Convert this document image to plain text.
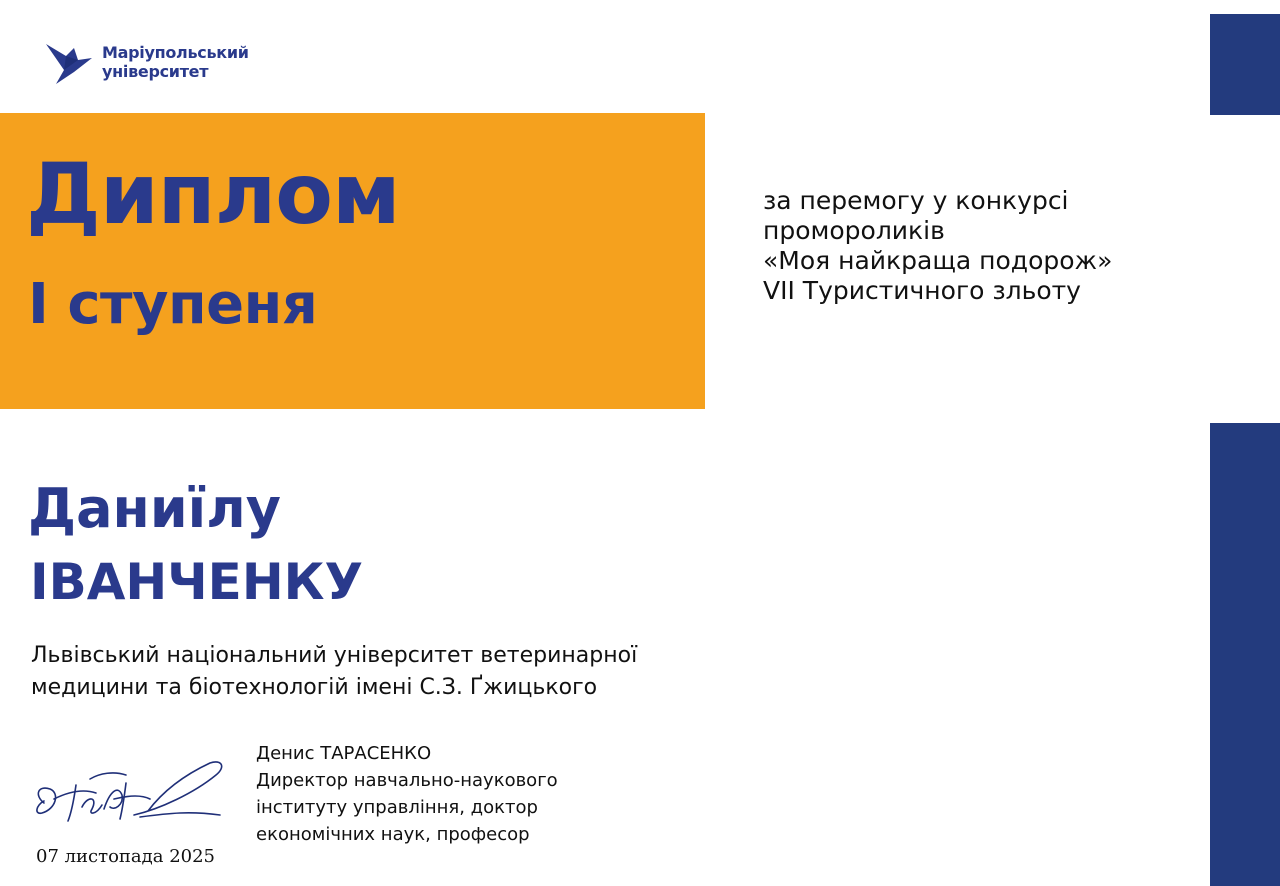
Маріупольський
університет
Диплом
І ступеня
за перемогу у конкурсі
промороликів
«Моя найкраща подорож»
VII Туристичного зльоту
Даниїлу
ІВАНЧЕНКУ
Львівський національний університет ветеринарної
медицини та біотехнологій імені С.З. Ґжицького
07 листопада 2025
Денис ТАРАСЕНКО
Директор навчально-наукового
інституту управління, доктор
економічних наук, професор
